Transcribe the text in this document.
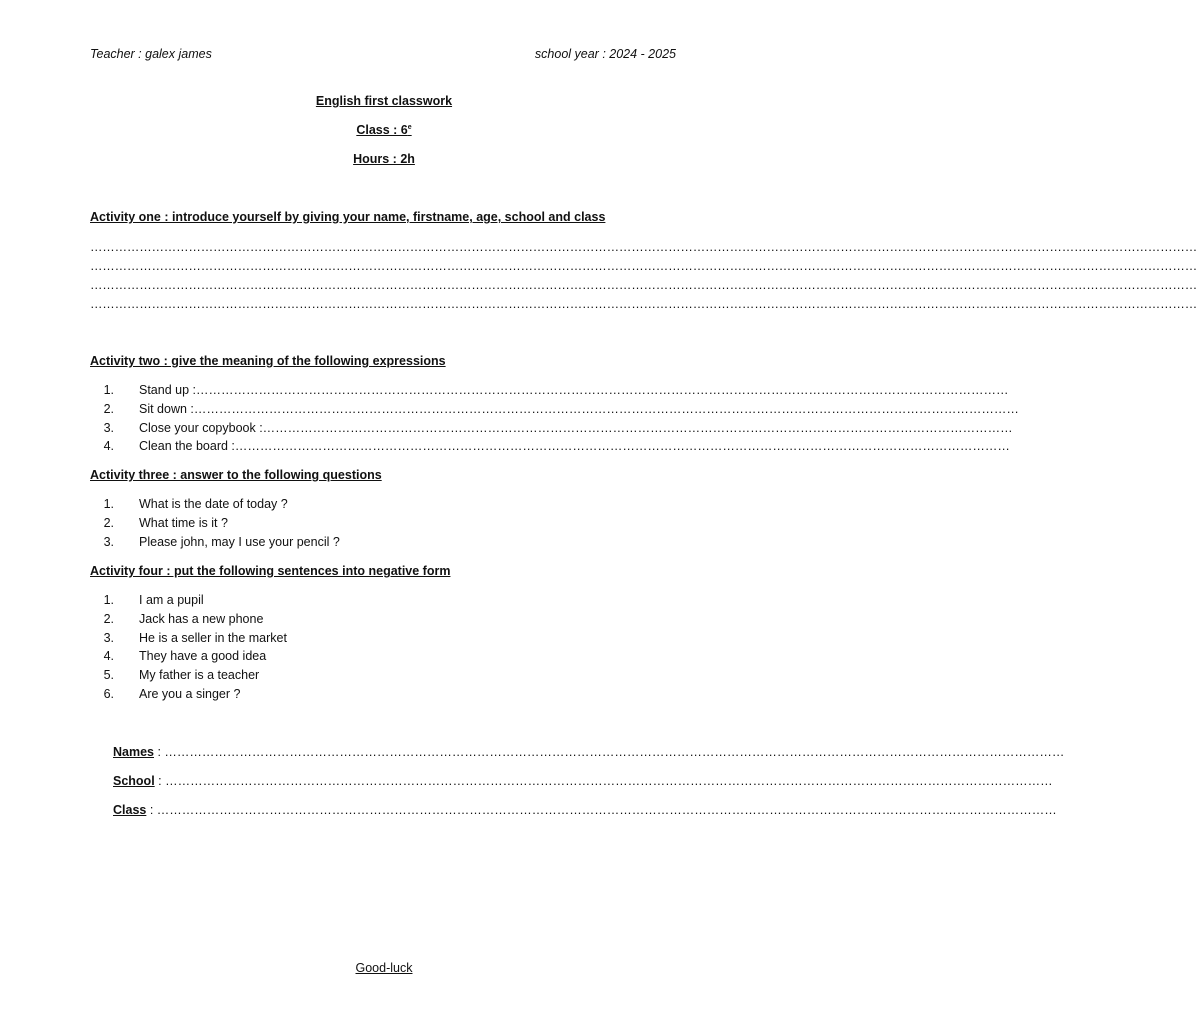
Teacher : galex james	school year : 2024 - 2025
English first classwork
Class : 6e
Hours : 2h
Activity one : introduce yourself by giving your name, firstname, age, school and class
………………………………………………………………………………………………………………………………………………………………………………………………………………………………………………
………………………………………………………………………………………………………………………………………………………………………………………………………………………………………………
………………………………………………………………………………………………………………………………………………………………………………………………………………………………………………
………………………………………………………………………………………………………………………………………………………………………………………………………………………………………………
Activity two : give the meaning of the following expressions
1. Stand up :……………………………………………………………………………………………………………………………………………………………………………
2. Sit down :………………………………………………………………………………………………………………………………………………………………………………
3. Close your copybook :………………………………………………………………………………………………………………………………………………………………
4. Clean the board :……………………………………………………………………………………………………………………………………………………………………
Activity three : answer to the following questions
1. What is the date of today ?
2. What time is it ?
3. Please john, may I use your pencil ?
Activity four : put the following sentences into negative form
1. I am a pupil
2. Jack has a new phone
3. He is a seller in the market
4. They have a good idea
5. My father is a teacher
6. Are you a singer ?
Names : ………………………………………………………………………………………………………………………………………………………………………………………………
School : ……………………………………………………………………………………………………………………………………………………………………………………………
Class : ………………………………………………………………………………………………………………………………………………………………………………………………
Good-luck
